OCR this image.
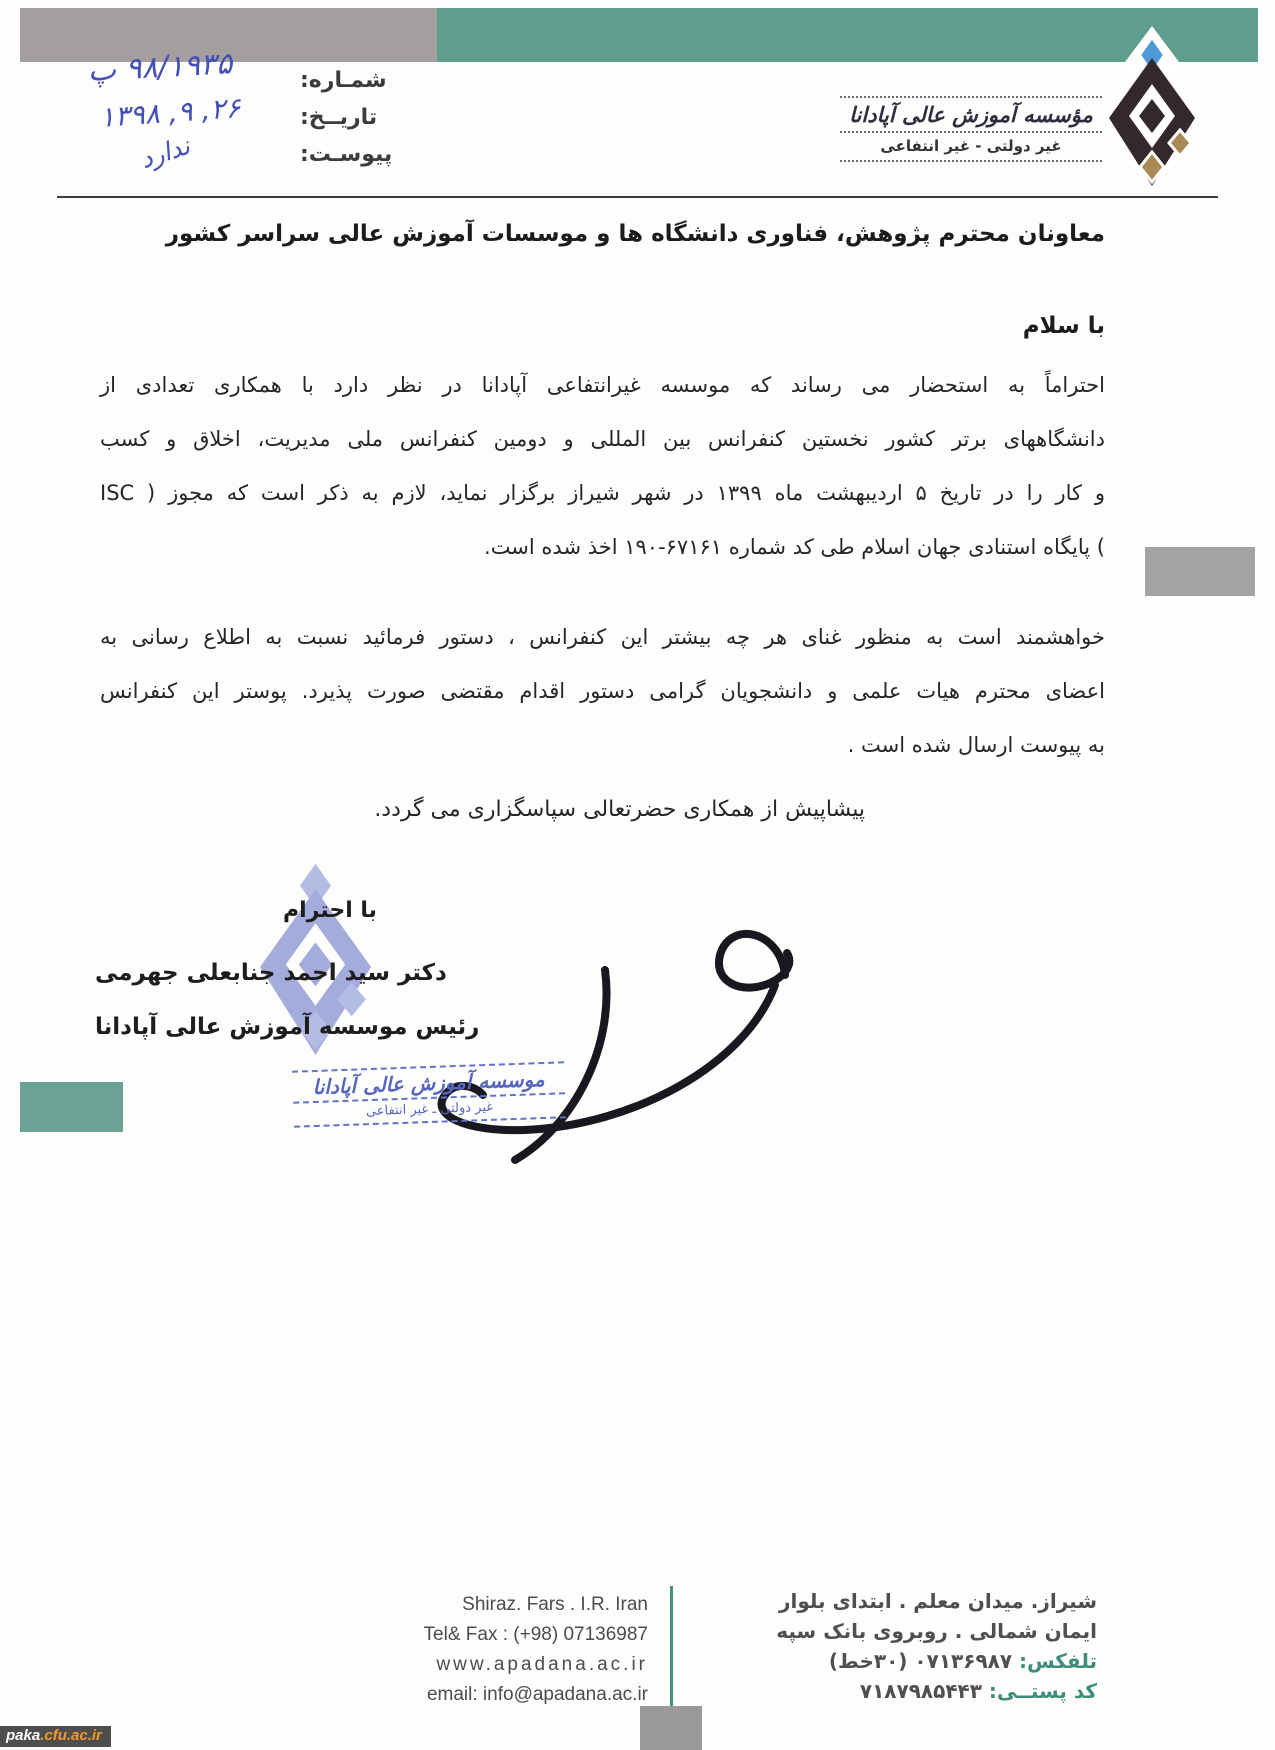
مؤسسه آموزش عالی آپادانا
غیر دولتی - غیر انتفاعی
شمـاره:
تاریــخ:
پیوسـت:
۹۸/۱۹۳۵ پ
۲۶, ۹, ۱۳۹۸
ندارد
معاونان محترم پژوهش، فناوری دانشگاه ها و موسسات آموزش عالی سراسر کشور
با سلام
احتراماً به استحضار می رساند که موسسه غیرانتفاعی آپادانا در نظر دارد با همکاری تعدادی از
دانشگاههای برتر کشور نخستین کنفرانس بین المللی و دومین کنفرانس ملی مدیریت، اخلاق و کسب
و کار را در تاریخ ۵ اردیبهشت ماه ۱۳۹۹ در شهر شیراز برگزار نماید، لازم به ذکر است که مجوز ( ISC
) پایگاه استنادی جهان اسلام طی کد شماره ۶۷۱۶۱-۱۹۰ اخذ شده است.
خواهشمند است به منظور غنای هر چه بیشتر این کنفرانس ، دستور فرمائید نسبت به اطلاع رسانی به
اعضای محترم هیات علمی و دانشجویان گرامی دستور اقدام مقتضی صورت پذیرد. پوستر این کنفرانس
به پیوست ارسال شده است .
پیشاپیش از همکاری حضرتعالی سپاسگزاری می گردد.
با احترام
دکتر سید احمد جنابعلی جهرمی
رئیس موسسه آموزش عالی آپادانا
موسسه آموزش عالی آپادانا
غیر دولتی ـ غیر انتفاعی
Shiraz. Fars . I.R. Iran
Tel& Fax : (+98) 07136987
www.apadana.ac.ir
email: info@apadana.ac.ir
شیراز. میدان معلم . ابتدای بلوار
ایمان شمالی . روبروی بانک سپه
تلفکس: ۰۷۱۳۶۹۸۷ (۳۰خط)
کد پستــی: ۷۱۸۷۹۸۵۴۴۳
paka.cfu.ac.ir
